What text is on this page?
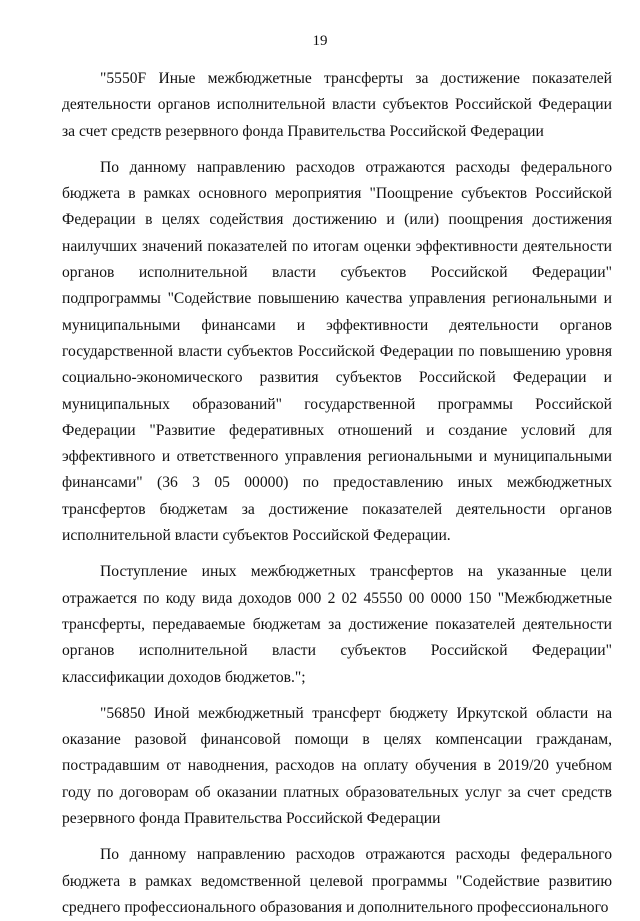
19

"5550F Иные межбюджетные трансферты за достижение показателей деятельности органов исполнительной власти субъектов Российской Федерации за счет средств резервного фонда Правительства Российской Федерации

По данному направлению расходов отражаются расходы федерального бюджета в рамках основного мероприятия "Поощрение субъектов Российской Федерации в целях содействия достижению и (или) поощрения достижения наилучших значений показателей по итогам оценки эффективности деятельности органов исполнительной власти субъектов Российской Федерации" подпрограммы "Содействие повышению качества управления региональными и муниципальными финансами и эффективности деятельности органов государственной власти субъектов Российской Федерации по повышению уровня социально-экономического развития субъектов Российской Федерации и муниципальных образований" государственной программы Российской Федерации "Развитие федеративных отношений и создание условий для эффективного и ответственного управления региональными и муниципальными финансами" (36 3 05 00000) по предоставлению иных межбюджетных трансфертов бюджетам за достижение показателей деятельности органов исполнительной власти субъектов Российской Федерации.

Поступление иных межбюджетных трансфертов на указанные цели отражается по коду вида доходов 000 2 02 45550 00 0000 150 "Межбюджетные трансферты, передаваемые бюджетам за достижение показателей деятельности органов исполнительной власти субъектов Российской Федерации" классификации доходов бюджетов.";

"56850 Иной межбюджетный трансферт бюджету Иркутской области на оказание разовой финансовой помощи в целях компенсации гражданам, пострадавшим от наводнения, расходов на оплату обучения в 2019/20 учебном году по договорам об оказании платных образовательных услуг за счет средств резервного фонда Правительства Российской Федерации

По данному направлению расходов отражаются расходы федерального бюджета в рамках ведомственной целевой программы "Содействие развитию среднего профессионального образования и дополнительного профессионального
